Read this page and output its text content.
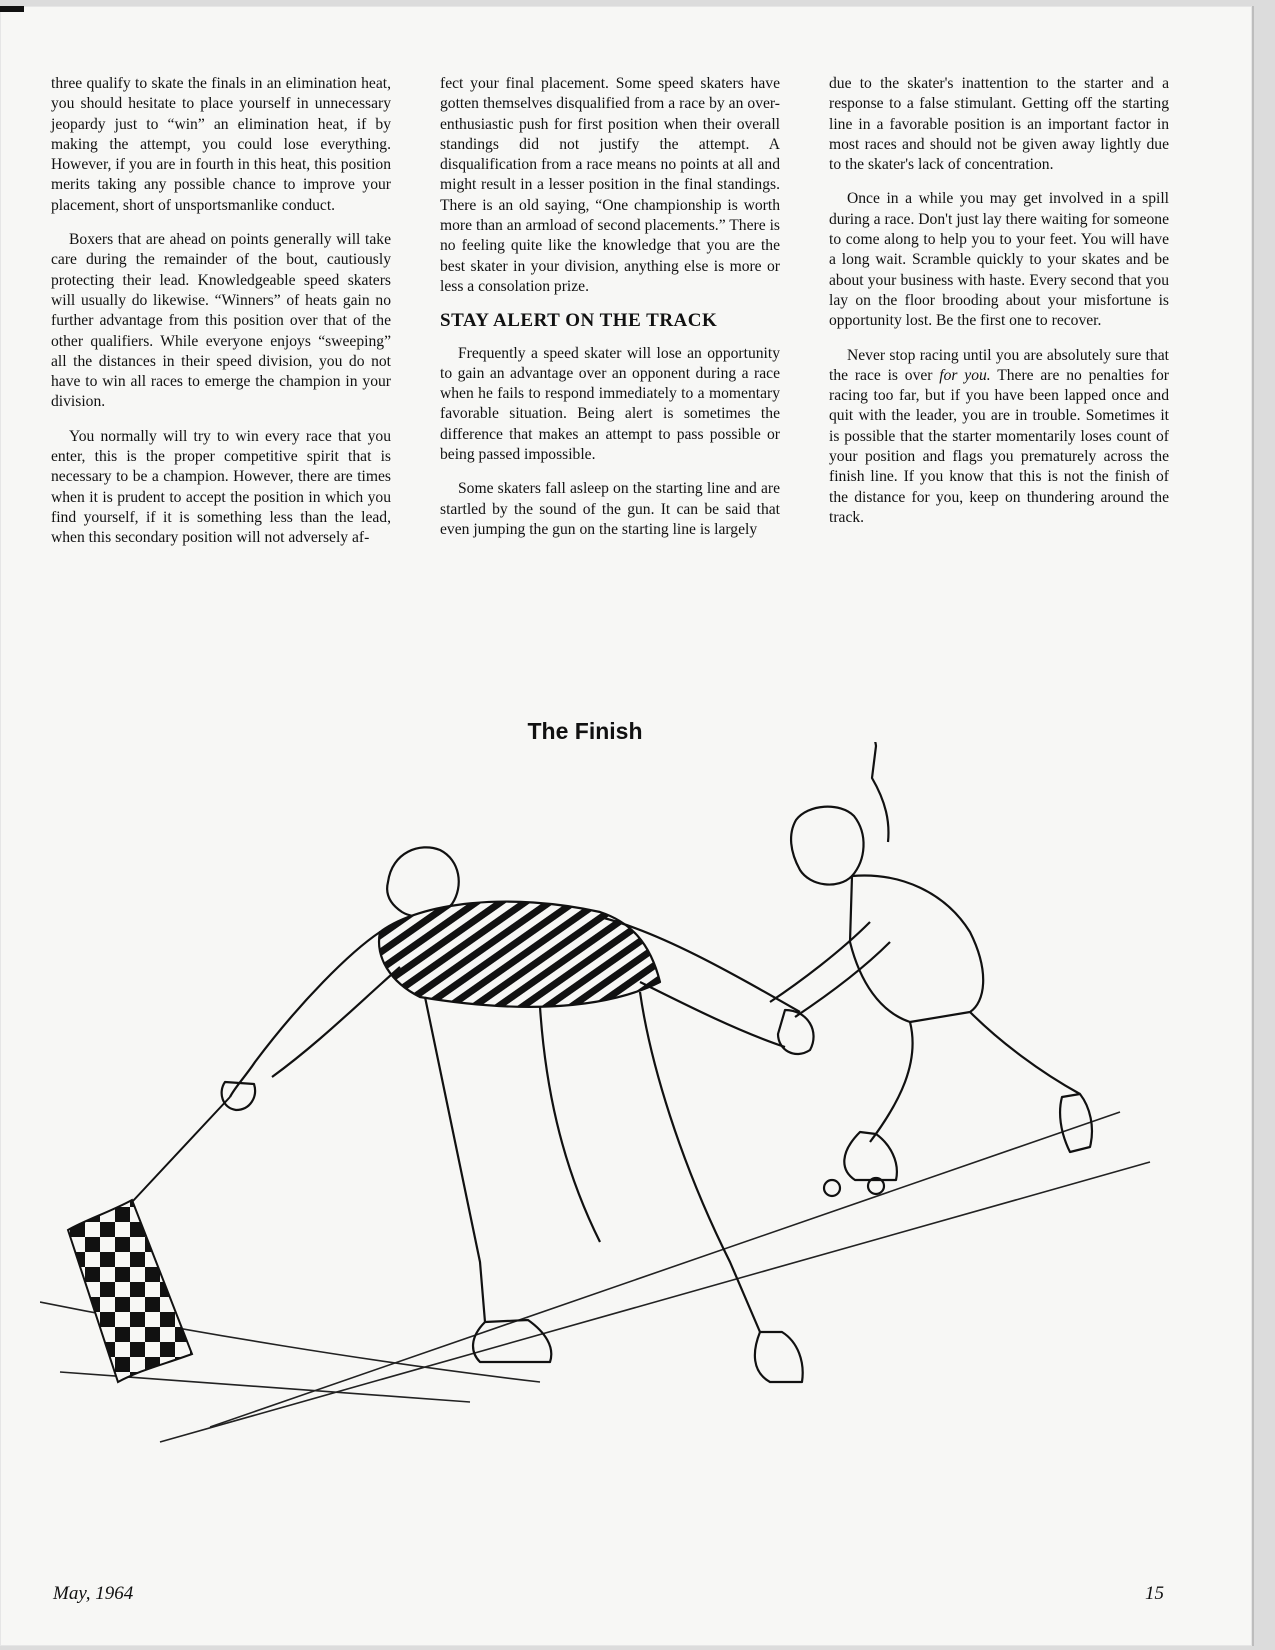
three qualify to skate the finals in an elimination heat, you should hesitate to place yourself in unnecessary jeopardy just to “win” an elimination heat, if by making the attempt, you could lose everything. However, if you are in fourth in this heat, this position merits taking any possible chance to improve your placement, short of unsportsmanlike conduct.

Boxers that are ahead on points generally will take care during the remainder of the bout, cautiously protecting their lead. Knowledgeable speed skaters will usually do likewise. “Winners” of heats gain no further advantage from this position over that of the other qualifiers. While everyone enjoys “sweeping” all the distances in their speed division, you do not have to win all races to emerge the champion in your division.

You normally will try to win every race that you enter, this is the proper competitive spirit that is necessary to be a champion. However, there are times when it is prudent to accept the position in which you find yourself, if it is something less than the lead, when this secondary position will not adversely af-

fect your final placement. Some speed skaters have gotten themselves disqualified from a race by an over-enthusiastic push for first position when their overall standings did not justify the attempt. A disqualification from a race means no points at all and might result in a lesser position in the final standings. There is an old saying, “One championship is worth more than an armload of second placements.” There is no feeling quite like the knowledge that you are the best skater in your division, anything else is more or less a consolation prize.

STAY ALERT ON THE TRACK

Frequently a speed skater will lose an opportunity to gain an advantage over an opponent during a race when he fails to respond immediately to a momentary favorable situation. Being alert is sometimes the difference that makes an attempt to pass possible or being passed impossible.

Some skaters fall asleep on the starting line and are startled by the sound of the gun. It can be said that even jumping the gun on the starting line is largely

due to the skater's inattention to the starter and a response to a false stimulant. Getting off the starting line in a favorable position is an important factor in most races and should not be given away lightly due to the skater's lack of concentration.

Once in a while you may get involved in a spill during a race. Don't just lay there waiting for someone to come along to help you to your feet. You will have a long wait. Scramble quickly to your skates and be about your business with haste. Every second that you lay on the floor brooding about your misfortune is opportunity lost. Be the first one to recover.

Never stop racing until you are absolutely sure that the race is over for you. There are no penalties for racing too far, but if you have been lapped once and quit with the leader, you are in trouble. Sometimes it is possible that the starter momentarily loses count of your position and flags you prematurely across the finish line. If you know that this is not the finish of the distance for you, keep on thundering around the track.

The Finish
May, 1964	15
